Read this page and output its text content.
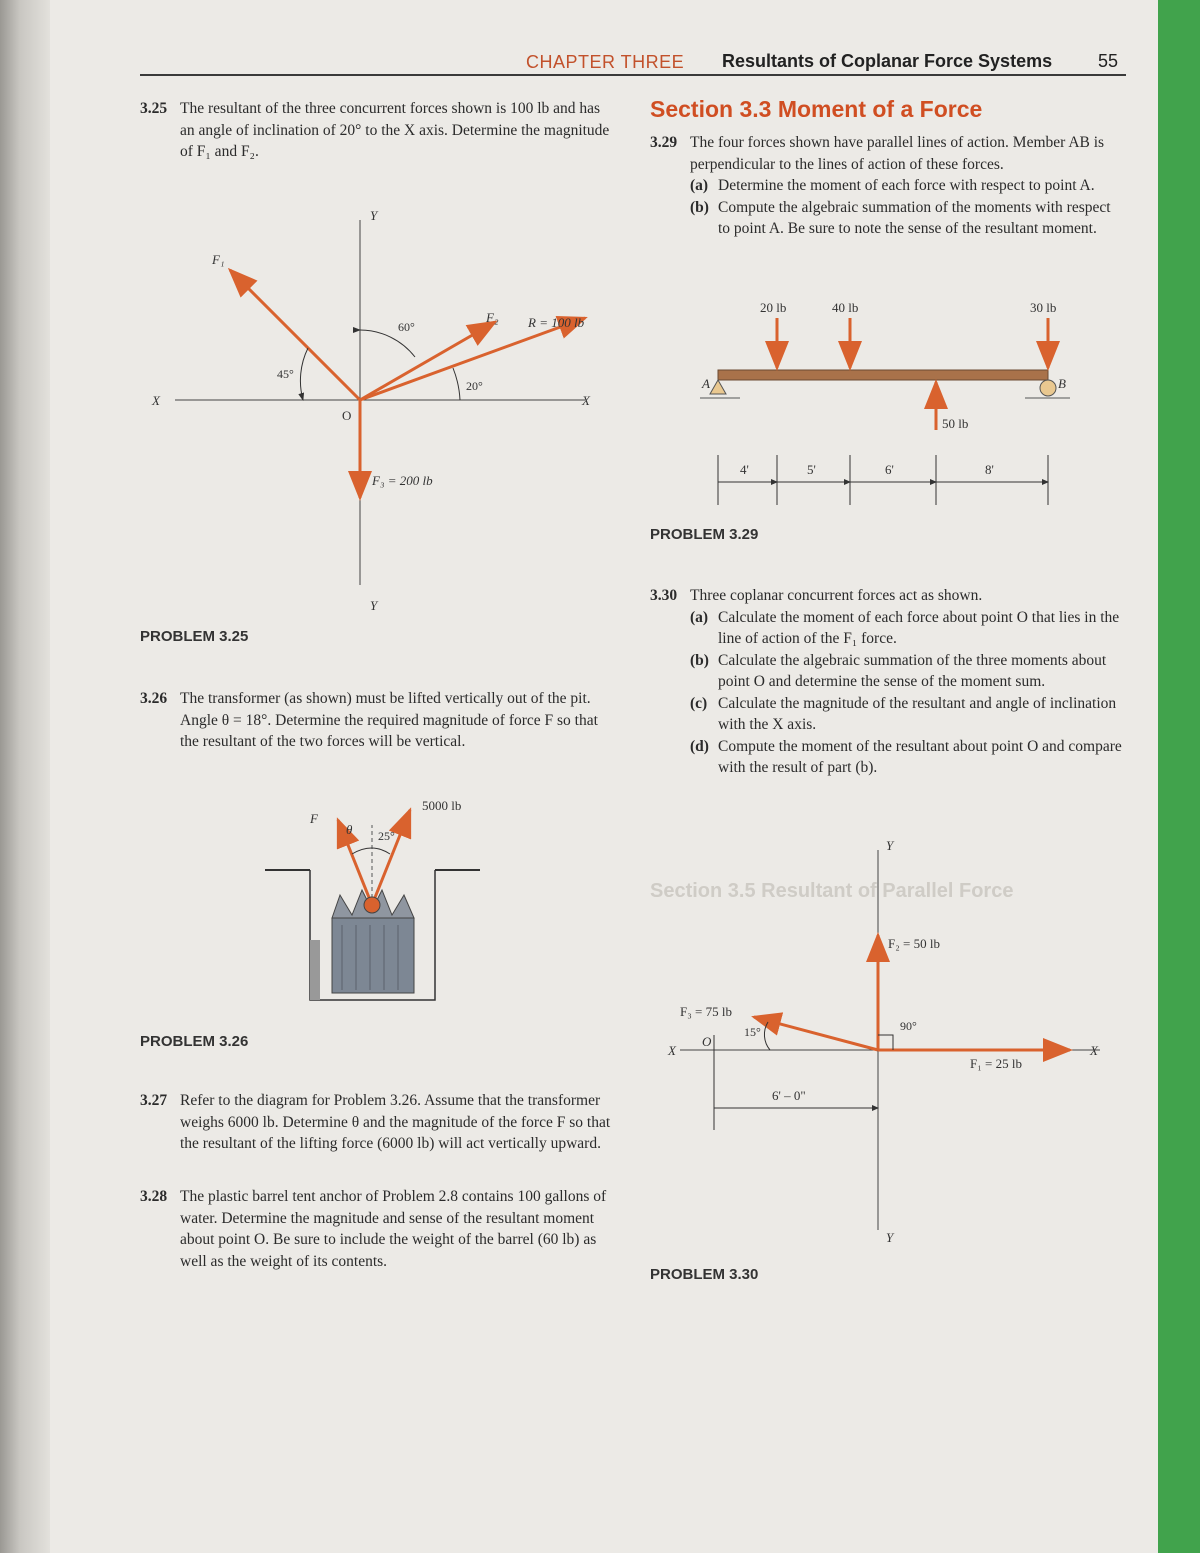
Section 3.5 Resultant of Parallel Force
CHAPTER THREE Resultants of Coplanar Force Systems	55
3.25 The resultant of the three concurrent forces shown is 100 lb and has an angle of inclination of 20° to the X axis. Determine the magnitude of F₁ and F₂.
Y
Y
X	X
O
F₁
F₂ R = 100 lb
F₃ = 200 lb
60°
45°
20°
PROBLEM 3.25
3.26 The transformer (as shown) must be lifted vertically out of the pit. Angle θ = 18°. Determine the required magnitude of force F so that the resultant of the two forces will be vertical.
F
θ
5000 lb
25°
PROBLEM 3.26
3.27 Refer to the diagram for Problem 3.26. Assume that the transformer weighs 6000 lb. Determine θ and the magnitude of the force F so that the resultant of the lifting force (6000 lb) will act vertically upward.
3.28 The plastic barrel tent anchor of Problem 2.8 contains 100 gallons of water. Determine the magnitude and sense of the resultant moment about point O. Be sure to include the weight of the barrel (60 lb) as well as the weight of its contents.
Section 3.3 Moment of a Force
3.29 The four forces shown have parallel lines of action. Member AB is perpendicular to the lines of action of these forces.
(a) Determine the moment of each force with respect to point A.
(b) Compute the algebraic summation of the moments with respect to point A. Be sure to note the sense of the resultant moment.
20 lb	40 lb	30 lb
50 lb
A	B
4'	5'	6'	8'
PROBLEM 3.29
3.30 Three coplanar concurrent forces act as shown.
(a) Calculate the moment of each force about point O that lies in the line of action of the F₁ force.
(b) Calculate the algebraic summation of the three moments about point O and determine the sense of the moment sum.
(c) Calculate the magnitude of the resultant and angle of inclination with the X axis.
(d) Compute the moment of the resultant about point O and compare with the result of part (b).
Y
Y
X	X
O
F₂ = 50 lb
F₃ = 75 lb
F₁ = 25 lb
15°	90°
6' – 0"
PROBLEM 3.30
